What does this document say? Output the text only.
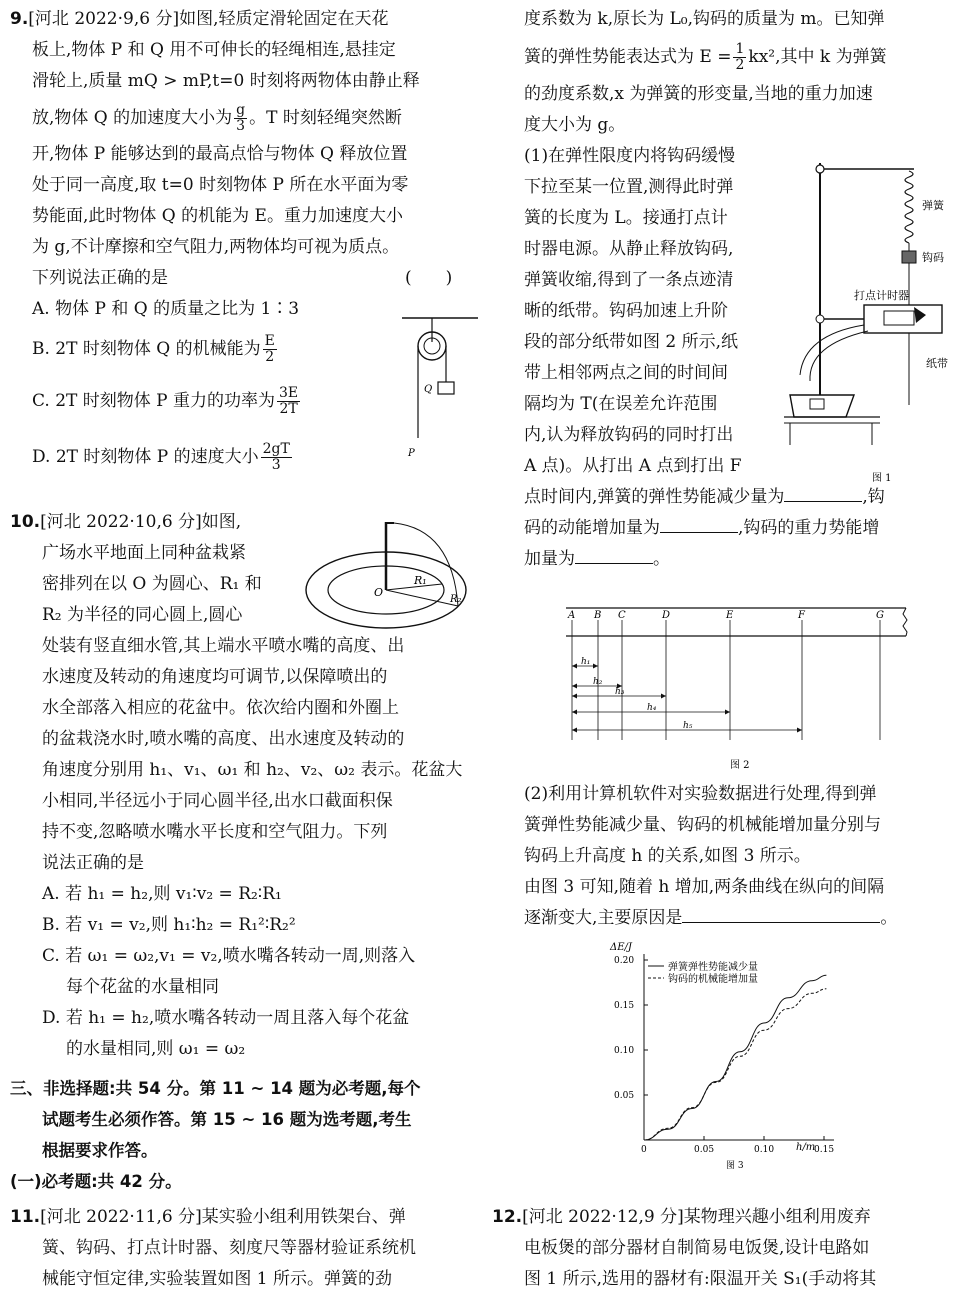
9.[河北 2022·9,6 分]如图,轻质定滑轮固定在天花

板上,物体 P 和 Q 用不可伸长的轻绳相连,悬挂定

滑轮上,质量 mQ > mP,t=0 时刻将两物体由静止释

放,物体 Q 的加速度大小为 $\frac{g}{3}$ 。T 时刻轻绳突然断

开,物体 P 能够达到的最高点恰与物体 Q 释放位置

处于同一高度,取 t=0 时刻物体 P 所在水平面为零

势能面,此时物体 Q 的机能为 E。重力加速度大小

为 g,不计摩擦和空气阻力,两物体均可视为质点。

下列说法正确的是	(　　)

A. 物体 P 和 Q 的质量之比为 1∶3

B. 2T 时刻物体 Q 的机械能为 $\frac{E}{2}$

C. 2T 时刻物体 P 重力的功率为 $\frac{3E}{2T}$

D. 2T 时刻物体 P 的速度大小 $\frac{2gT}{3}$

Q
P

10.[河北 2022·10,6 分]如图,

广场水平地面上同种盆栽紧

密排列在以 O 为圆心、R₁ 和

R₂ 为半径的同心圆上,圆心

处装有竖直细水管,其上端水平喷水嘴的高度、出

水速度及转动的角速度均可调节,以保障喷出的

水全部落入相应的花盆中。依次给内圈和外圈上

的盆栽浇水时,喷水嘴的高度、出水速度及转动的

角速度分别用 h₁、v₁、ω₁ 和 h₂、v₂、ω₂ 表示。花盆大

小相同,半径远小于同心圆半径,出水口截面积保

持不变,忽略喷水嘴水平长度和空气阻力。下列

说法正确的是

A. 若 h₁ = h₂,则 v₁∶v₂ = R₂∶R₁

B. 若 v₁ = v₂,则 h₁∶h₂ = R₁²∶R₂²

C. 若 ω₁ = ω₂,v₁ = v₂,喷水嘴各转动一周,则落入

每个花盆的水量相同

D. 若 h₁ = h₂,喷水嘴各转动一周且落入每个花盆

的水量相同,则 ω₁ = ω₂

O
R₁
R₂

三、非选择题:共 54 分。第 11 ~ 14 题为必考题,每个

试题考生必须作答。第 15 ~ 16 题为选考题,考生

根据要求作答。

(一)必考题:共 42 分。

11.[河北 2022·11,6 分]某实验小组利用铁架台、弹

簧、钩码、打点计时器、刻度尺等器材验证系统机

械能守恒定律,实验装置如图 1 所示。弹簧的劲

度系数为 k,原长为 L₀,钩码的质量为 m。已知弹

簧的弹性势能表达式为 $E = \frac{1}{2} kx^2$,其中 k 为弹簧

的劲度系数,x 为弹簧的形变量,当地的重力加速

度大小为 g。

(1)在弹性限度内将钩码缓慢

下拉至某一位置,测得此时弹

簧的长度为 L。接通打点计

时器电源。从静止释放钩码,

弹簧收缩,得到了一条点迹清

晰的纸带。钩码加速上升阶

段的部分纸带如图 2 所示,纸

带上相邻两点之间的时间间

隔均为 T(在误差允许范围

内,认为释放钩码的同时打出

A 点)。从打出 A 点到打出 F

点时间内,弹簧的弹性势能减少量为	,钩

码的动能增加量为	,钩码的重力势能增

加量为	。

弹簧
钩码
打点计时器
纸带
图 1
A B C	D	E	F	G
h₁
h₂
h₃
h₄
h₅
图 2

(2)利用计算机软件对实验数据进行处理,得到弹

簧弹性势能减少量、钩码的机械能增加量分别与

钩码上升高度 h 的关系,如图 3 所示。

由图 3 可知,随着 h 增加,两条曲线在纵向的间隔

逐渐变大,主要原因是	。

ΔE/J
0	0.05	0.10	0.15
0.05
0.10
0.15
0.20
弹簧弹性势能减少量
钩码的机械能增加量
h/m
图 3

12.[河北 2022·12,9 分]某物理兴趣小组利用废弃

电板煲的部分器材自制简易电饭煲,设计电路如

图 1 所示,选用的器材有:限温开关 S₁(手动将其
